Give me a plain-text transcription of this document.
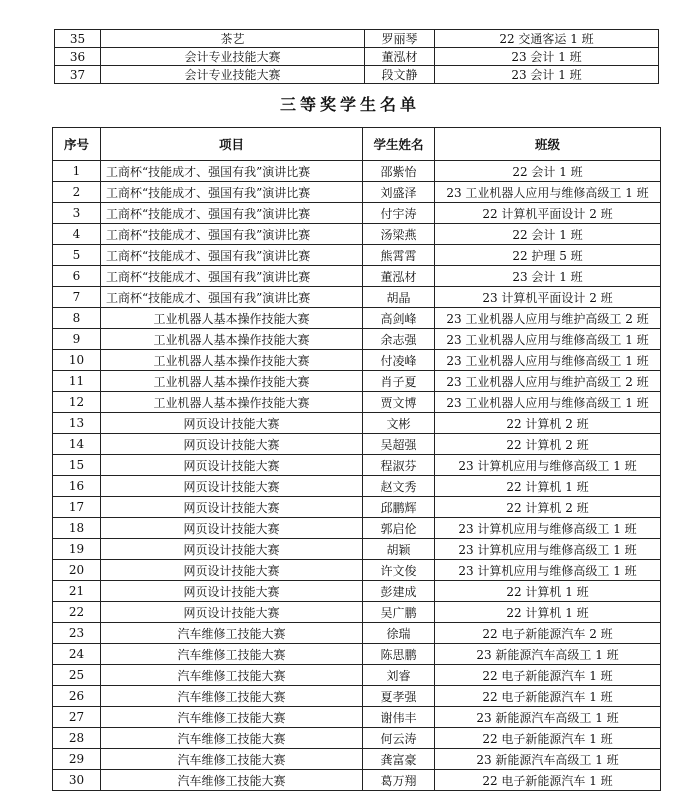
35	茶艺	罗丽琴	22 交通客运 1 班
36	会计专业技能大赛	董泓材	23 会计 1 班
37	会计专业技能大赛	段文静	23 会计 1 班
三等奖学生名单
序号	项目	学生姓名	班级
1	工商杯“技能成才、强国有我”演讲比赛	邵紫怡	22 会计 1 班
2	工商杯“技能成才、强国有我”演讲比赛	刘盛泽	23 工业机器人应用与维修高级工 1 班
3	工商杯“技能成才、强国有我”演讲比赛	付宇涛	22 计算机平面设计 2 班
4	工商杯“技能成才、强国有我”演讲比赛	汤梁燕	22 会计 1 班
5	工商杯“技能成才、强国有我”演讲比赛	熊霄霄	22 护理 5 班
6	工商杯“技能成才、强国有我”演讲比赛	董泓材	23 会计 1 班
7	工商杯“技能成才、强国有我”演讲比赛	胡晶	23 计算机平面设计 2 班
8	工业机器人基本操作技能大赛	高剑峰	23 工业机器人应用与维护高级工 2 班
9	工业机器人基本操作技能大赛	余志强	23 工业机器人应用与维修高级工 1 班
10	工业机器人基本操作技能大赛	付凌峰	23 工业机器人应用与维修高级工 1 班
11	工业机器人基本操作技能大赛	肖子夏	23 工业机器人应用与维护高级工 2 班
12	工业机器人基本操作技能大赛	贾文博	23 工业机器人应用与维修高级工 1 班
13	网页设计技能大赛	文彬	22 计算机 2 班
14	网页设计技能大赛	吴超强	22 计算机 2 班
15	网页设计技能大赛	程淑芬	23 计算机应用与维修高级工 1 班
16	网页设计技能大赛	赵文秀	22 计算机 1 班
17	网页设计技能大赛	邱鹏辉	22 计算机 2 班
18	网页设计技能大赛	郭启伦	23 计算机应用与维修高级工 1 班
19	网页设计技能大赛	胡颖	23 计算机应用与维修高级工 1 班
20	网页设计技能大赛	许文俊	23 计算机应用与维修高级工 1 班
21	网页设计技能大赛	彭建成	22 计算机 1 班
22	网页设计技能大赛	吴广鹏	22 计算机 1 班
23	汽车维修工技能大赛	徐瑞	22 电子新能源汽车 2 班
24	汽车维修工技能大赛	陈思鹏	23 新能源汽车高级工 1 班
25	汽车维修工技能大赛	刘睿	22 电子新能源汽车 1 班
26	汽车维修工技能大赛	夏孝强	22 电子新能源汽车 1 班
27	汽车维修工技能大赛	谢伟丰	23 新能源汽车高级工 1 班
28	汽车维修工技能大赛	何云涛	22 电子新能源汽车 1 班
29	汽车维修工技能大赛	龚富豪	23 新能源汽车高级工 1 班
30	汽车维修工技能大赛	葛万翔	22 电子新能源汽车 1 班
